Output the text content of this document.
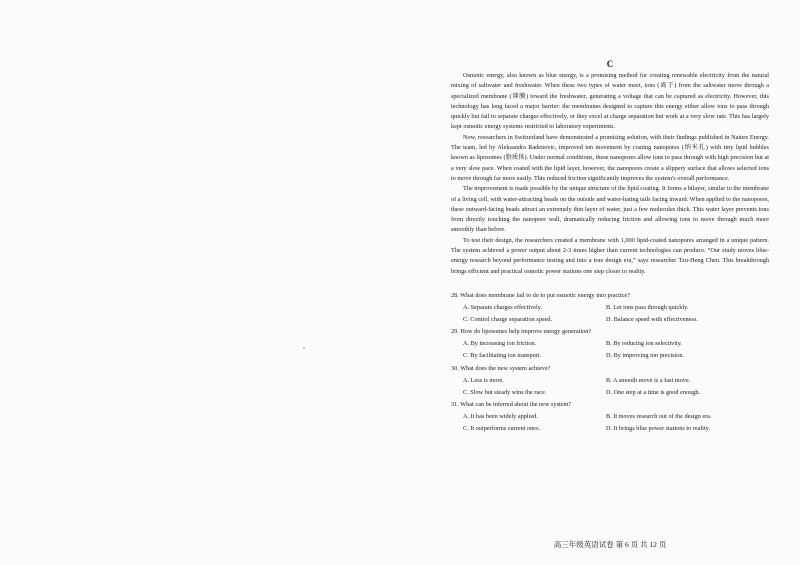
C

Osmotic energy, also known as blue energy, is a promising method for creating renewable electricity from the natural mixing of saltwater and freshwater. When these two types of water meet, ions (离子) from the saltwater move through a specialized membrane (薄膜) toward the freshwater, generating a voltage that can be captured as electricity. However, this technology has long faced a major barrier: the membranes designed to capture this energy either allow ions to pass through quickly but fail to separate charges effectively, or they excel at charge separation but work at a very slow rate. This has largely kept osmotic energy systems restricted to laboratory experiments.

Now, researchers in Switzerland have demonstrated a promising solution, with their findings published in Nature Energy. The team, led by Aleksandra Radenovic, improved ion movement by coating nanopores (纳米孔) with tiny lipid bubbles known as liposomes (脂质体). Under normal conditions, these nanopores allow ions to pass through with high precision but at a very slow pace. When coated with the lipid layer, however, the nanopores create a slippery surface that allows selected ions to move through far more easily. This reduced friction significantly improves the system's overall performance.

The improvement is made possible by the unique structure of the lipid coating. It forms a bilayer, similar to the membrane of a living cell, with water-attracting heads on the outside and water-hating tails facing inward. When applied to the nanopores, these outward-facing heads attract an extremely thin layer of water, just a few molecules thick. This water layer prevents ions from directly touching the nanopore wall, dramatically reducing friction and allowing ions to move through much more smoothly than before.

To test their design, the researchers created a membrane with 1,000 lipid-coated nanopores arranged in a unique pattern. The system achieved a power output about 2-3 times higher than current technologies can produce. “Our study moves blue-energy research beyond performance testing and into a true design era,” says researcher Tzu-Heng Chen. This breakthrough brings efficient and practical osmotic power stations one step closer to reality.

28. What does membrane fail to do to put osmotic energy into practice?

A. Separate charges effectively.	B. Let ions pass through quickly.
C. Control charge separation speed.	D. Balance speed with effectiveness.

29. How do liposomes help improve energy generation?

A. By increasing ion friction.	B. By reducing ion selectivity.
C. By facilitating ion transport.	D. By improving ion precision.

30. What does the new system achieve?

A. Less is more.	B. A smooth move is a fast move.
C. Slow but steady wins the race.	D. One step at a time is good enough.

31. What can be inferred about the new system?

A. It has been widely applied.	B. It moves research out of the design era.
C. It outperforms current ones.	D. It brings blue power stations to reality.
高三年级英语试卷 第 6 页 共 12 页
